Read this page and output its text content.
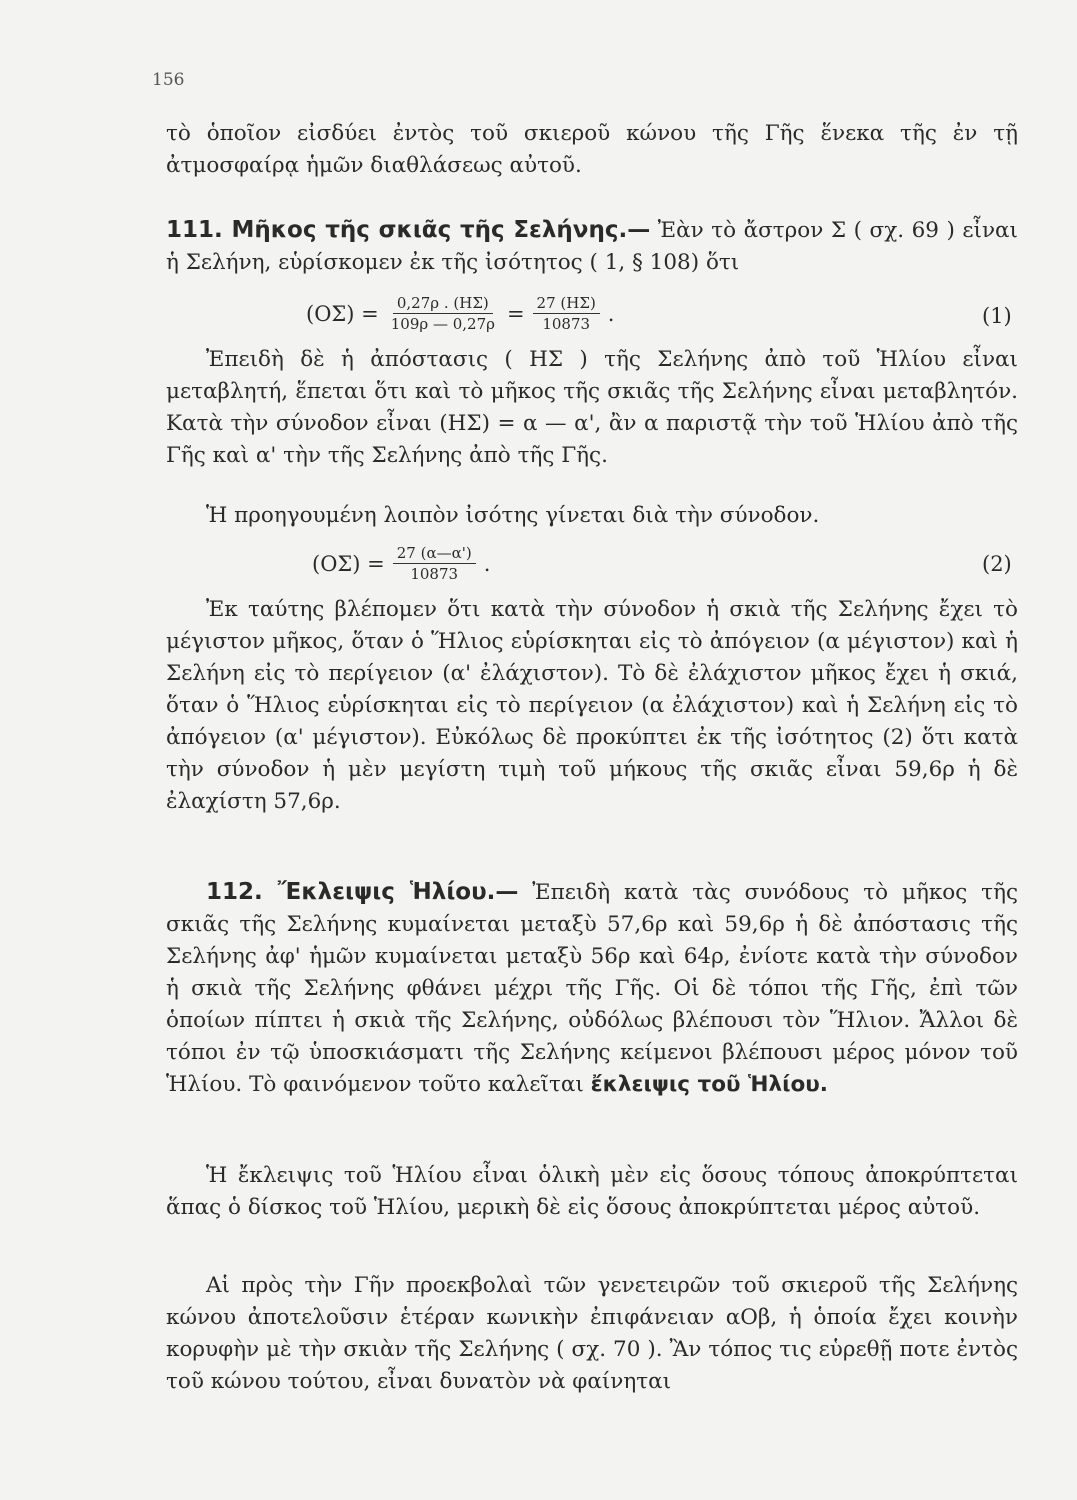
156
τὸ ὁποῖον εἰσδύει ἐντὸς τοῦ σκιεροῦ κώνου τῆς Γῆς ἕνεκα τῆς ἐν τῇ ἀτμοσφαίρᾳ ἡμῶν διαθλάσεως αὐτοῦ.
111. Μῆκος τῆς σκιᾶς τῆς Σελήνης.— Ἐὰν τὸ ἄστρον Σ ( σχ. 69 ) εἶναι ἡ Σελήνη, εὑρίσκομεν ἐκ τῆς ἰσότητος ( 1, § 108) ὅτι
$(O\Sigma) = \frac{0,27\rho . (H\Sigma)}{109\rho — 0,27\rho} = \frac{27 (H\Sigma)}{10873}$ .	(1)
Ἐπειδὴ δὲ ἡ ἀπόστασις ( ΗΣ ) τῆς Σελήνης ἀπὸ τοῦ Ἡλίου εἶναι μεταβλητή, ἕπεται ὅτι καὶ τὸ μῆκος τῆς σκιᾶς τῆς Σελήνης εἶναι μεταβλητόν. Κατὰ τὴν σύνοδον εἶναι (ΗΣ) = α — α', ἂν α παριστᾷ τὴν τοῦ Ἡλίου ἀπὸ τῆς Γῆς καὶ α' τὴν τῆς Σελήνης ἀπὸ τῆς Γῆς.
Ἡ προηγουμένη λοιπὸν ἰσότης γίνεται διὰ τὴν σύνοδον.
$(O\Sigma) = \frac{27 (\alpha—\alpha')}{10873}$ .	(2)
Ἐκ ταύτης βλέπομεν ὅτι κατὰ τὴν σύνοδον ἡ σκιὰ τῆς Σελήνης ἔχει τὸ μέγιστον μῆκος, ὅταν ὁ Ἥλιος εὑρίσκηται εἰς τὸ ἀπόγειον (α μέγιστον) καὶ ἡ Σελήνη εἰς τὸ περίγειον (α' ἐλάχιστον). Τὸ δὲ ἐλάχιστον μῆκος ἔχει ἡ σκιά, ὅταν ὁ Ἥλιος εὑρίσκηται εἰς τὸ περίγειον (α ἐλάχιστον) καὶ ἡ Σελήνη εἰς τὸ ἀπόγειον (α' μέγιστον). Εὐκόλως δὲ προκύπτει ἐκ τῆς ἰσότητος (2) ὅτι κατὰ τὴν σύνοδον ἡ μὲν μεγίστη τιμὴ τοῦ μήκους τῆς σκιᾶς εἶναι 59,6ρ ἡ δὲ ἐλαχίστη 57,6ρ.
112. Ἔκλειψις Ἡλίου.— Ἐπειδὴ κατὰ τὰς συνόδους τὸ μῆκος τῆς σκιᾶς τῆς Σελήνης κυμαίνεται μεταξὺ 57,6ρ καὶ 59,6ρ ἡ δὲ ἀπόστασις τῆς Σελήνης ἀφ' ἡμῶν κυμαίνεται μεταξὺ 56ρ καὶ 64ρ, ἐνίοτε κατὰ τὴν σύνοδον ἡ σκιὰ τῆς Σελήνης φθάνει μέχρι τῆς Γῆς. Οἱ δὲ τόποι τῆς Γῆς, ἐπὶ τῶν ὁποίων πίπτει ἡ σκιὰ τῆς Σελήνης, οὐδόλως βλέπουσι τὸν Ἥλιον. Ἄλλοι δὲ τόποι ἐν τῷ ὑποσκιάσματι τῆς Σελήνης κείμενοι βλέπουσι μέρος μόνον τοῦ Ἡλίου. Τὸ φαινόμενον τοῦτο καλεῖται ἔκλειψις τοῦ Ἡλίου.
Ἡ ἔκλειψις τοῦ Ἡλίου εἶναι ὁλικὴ μὲν εἰς ὅσους τόπους ἀποκρύπτεται ἅπας ὁ δίσκος τοῦ Ἡλίου, μερικὴ δὲ εἰς ὅσους ἀποκρύπτεται μέρος αὐτοῦ.
Αἱ πρὸς τὴν Γῆν προεκβολαὶ τῶν γενετειρῶν τοῦ σκιεροῦ τῆς Σελήνης κώνου ἀποτελοῦσιν ἑτέραν κωνικὴν ἐπιφάνειαν αΟβ, ἡ ὁποία ἔχει κοινὴν κορυφὴν μὲ τὴν σκιὰν τῆς Σελήνης ( σχ. 70 ). Ἂν τόπος τις εὑρεθῇ ποτε ἐντὸς τοῦ κώνου τούτου, εἶναι δυνατὸν νὰ φαίνηται
